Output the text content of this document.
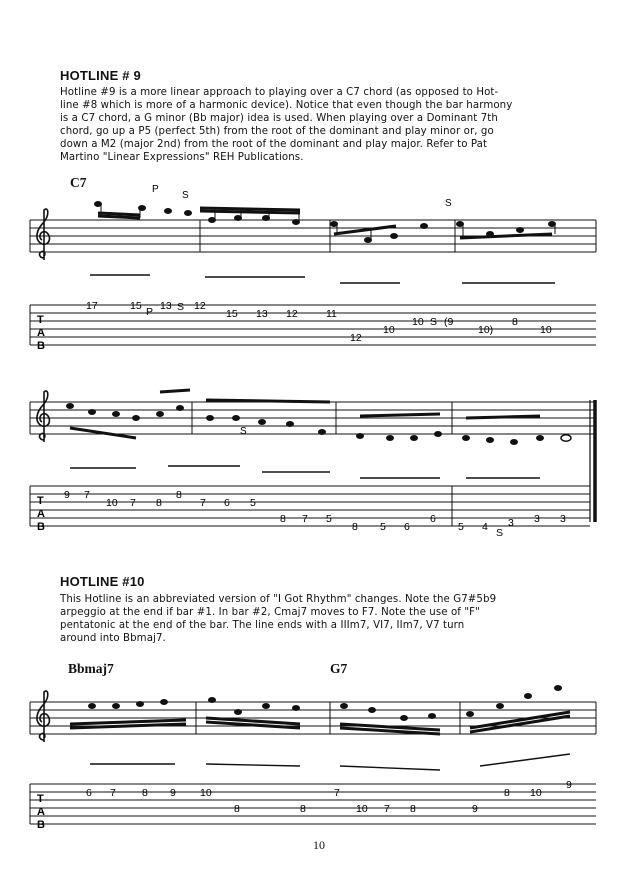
HOTLINE # 9
Hotline #9 is a more linear approach to playing over a C7 chord (as opposed to Hot-
line #8 which is more of a harmonic device). Notice that even though the bar harmony
is a C7 chord, a G minor (Bb major) idea is used. When playing over a Dominant 7th
chord, go up a P5 (perfect 5th) from the root of the dominant and play minor or, go
down a M2 (major 2nd) from the root of the dominant and play major. Refer to Pat
Martino "Linear Expressions" REH Publications.
C7	P
S
S
T
A
B
17	15 P 13 S 12
15 13 12	11
12
10
10 S (9
10)
8
10
S
T
A
B
9 7
10 7 8
8
7 6 5
8 7 5
8 5 6
6
5 4 S
3 3 3
HOTLINE #10
This Hotline is an abbreviated version of "I Got Rhythm" changes. Note the G7#5b9
arpeggio at the end if bar #1. In bar #2, Cmaj7 moves to F7. Note the use of "F"
pentatonic at the end of the bar. The line ends with a IIIm7, VI7, IIm7, V7 turn
around into Bbmaj7.
Bbmaj7	G7
T
A
B
6 7 8 9 10
8	8
7
10 7 8	9
8 10
9
10
